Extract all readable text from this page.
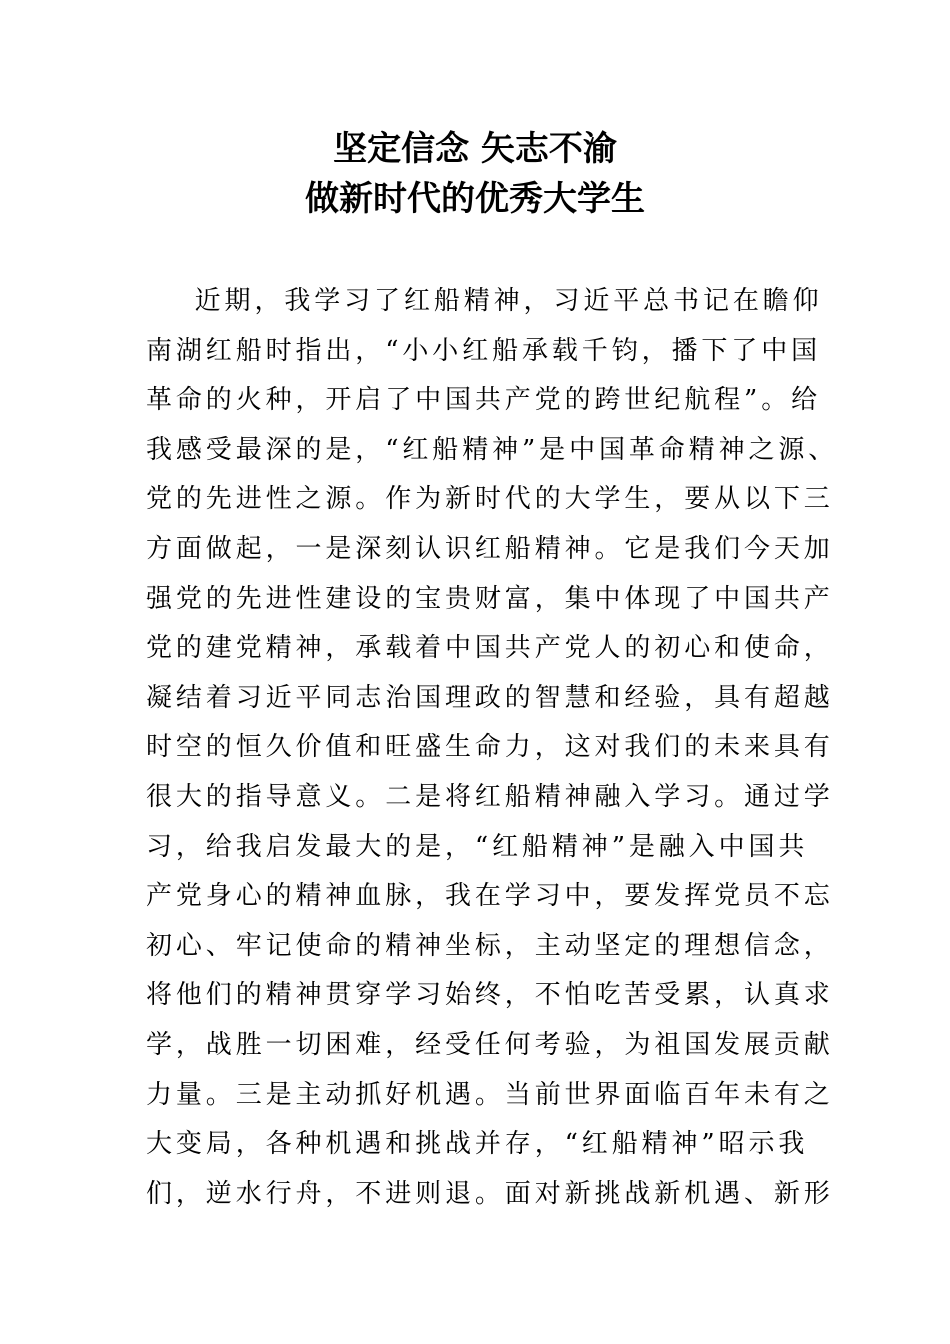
坚定信念 矢志不渝
做新时代的优秀大学生
近期，我学习了红船精神，习近平总书记在瞻仰
南湖红船时指出，“小小红船承载千钧，播下了中国
革命的火种，开启了中国共产党的跨世纪航程”。给
我感受最深的是，“红船精神”是中国革命精神之源、
党的先进性之源。作为新时代的大学生，要从以下三
方面做起，一是深刻认识红船精神。它是我们今天加
强党的先进性建设的宝贵财富，集中体现了中国共产
党的建党精神，承载着中国共产党人的初心和使命，
凝结着习近平同志治国理政的智慧和经验，具有超越
时空的恒久价值和旺盛生命力，这对我们的未来具有
很大的指导意义。二是将红船精神融入学习。通过学
习，给我启发最大的是，“红船精神”是融入中国共
产党身心的精神血脉，我在学习中，要发挥党员不忘
初心、牢记使命的精神坐标，主动坚定的理想信念，
将他们的精神贯穿学习始终，不怕吃苦受累，认真求
学，战胜一切困难，经受任何考验，为祖国发展贡献
力量。三是主动抓好机遇。当前世界面临百年未有之
大变局，各种机遇和挑战并存，“红船精神”昭示我
们，逆水行舟，不进则退。面对新挑战新机遇、新形
